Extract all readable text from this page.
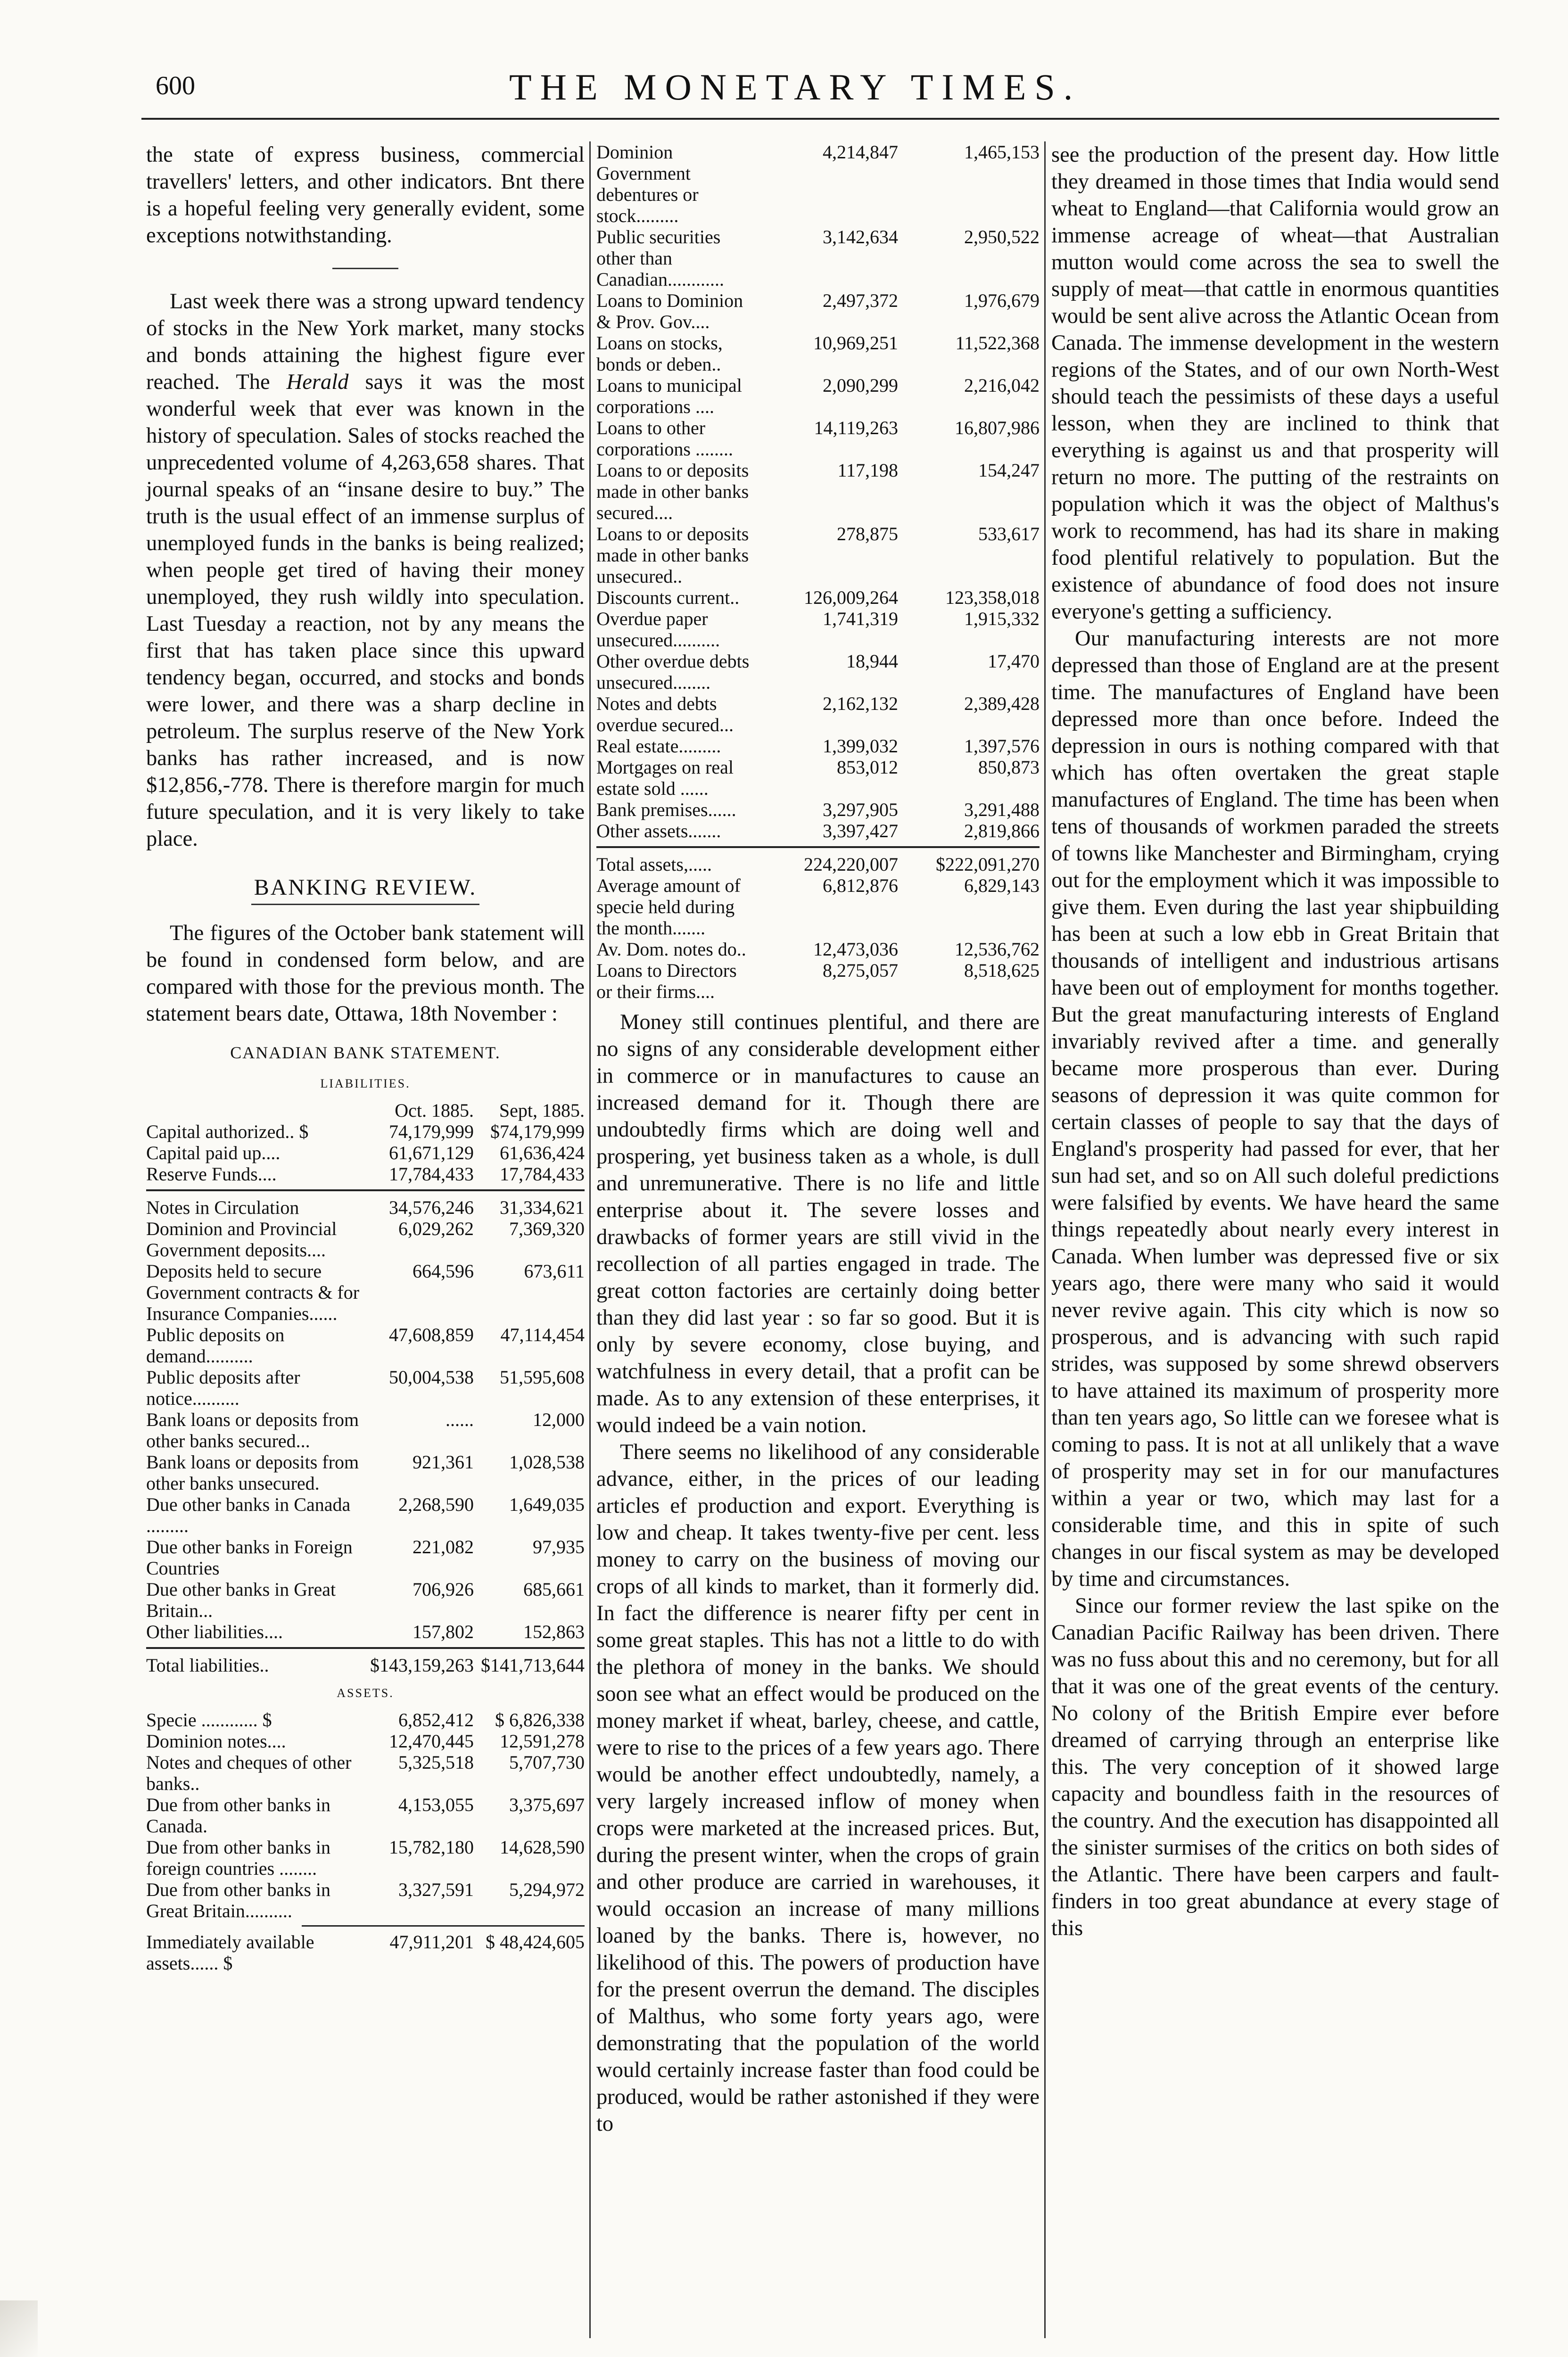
600	THE MONETARY TIMES.

the state of express business, commercial travellers' letters, and other indicators. Bnt there is a hopeful feeling very generally evident, some exceptions notwithstanding.

Last week there was a strong upward tendency of stocks in the New York market, many stocks and bonds attaining the highest figure ever reached. The Herald says it was the most wonderful week that ever was known in the history of speculation. Sales of stocks reached the unprecedented volume of 4,263,658 shares. That journal speaks of an “insane desire to buy.” The truth is the usual effect of an immense surplus of unemployed funds in the banks is being realized; when people get tired of having their money unemployed, they rush wildly into speculation. Last Tuesday a reaction, not by any means the first that has taken place since this upward tendency began, occurred, and stocks and bonds were lower, and there was a sharp decline in petroleum. The surplus reserve of the New York banks has rather increased, and is now $12,856,-778. There is therefore margin for much future speculation, and it is very likely to take place.

BANKING REVIEW.

The figures of the October bank statement will be found in condensed form below, and are compared with those for the previous month. The statement bears date, Ottawa, 18th November :

CANADIAN BANK STATEMENT.
LIABILITIES.
Oct. 1885.	Sept, 1885.
Capital authorized.. $	74,179,999 $74,179,999
Capital paid up....	61,671,129	61,636,424
Reserve Funds....	17,784,433	17,784,433
Notes in Circulation	34,576,246	31,334,621
Dominion and Provincial Government deposits....
6,029,262	7,369,320
Deposits held to secure Government contracts & for Insurance Companies......
664,596	673,611
Public deposits on demand..........
47,608,859	47,114,454
Public deposits after notice..........
50,004,538	51,595,608
Bank loans or deposits from other banks secured...
......	12,000
Bank loans or deposits from other banks unsecured.
921,361	1,028,538
Due other banks in Canada .........
2,268,590	1,649,035
Due other banks in Foreign Countries
221,082	97,935
Due other banks in Great Britain...
706,926	685,661
Other liabilities....	157,802	152,863
Total liabilities..	$143,159,263 $141,713,644
ASSETS.
Specie ............ $	6,852,412	$ 6,826,338
Dominion notes....	12,470,445	12,591,278
Notes and cheques of other banks..
5,325,518	5,707,730
Due from other banks in Canada.
4,153,055	3,375,697
Due from other banks in foreign countries ........
15,782,180	14,628,590
Due from other banks in Great Britain..........
3,327,591	5,294,972
Immediately available assets...... $
47,911,201 $ 48,424,605
Dominion Government debentures or stock.........
4,214,847	1,465,153
Public securities other than Canadian............
3,142,634	2,950,522
Loans to Dominion & Prov. Gov....
2,497,372	1,976,679
Loans on stocks, bonds or deben..
10,969,251	11,522,368
Loans to municipal corporations ....
2,090,299	2,216,042
Loans to other corporations ........
14,119,263	16,807,986
Loans to or deposits made in other banks secured....
117,198	154,247
Loans to or deposits made in other banks unsecured..
278,875	533,617
Discounts current..	126,009,264	123,358,018
Overdue paper unsecured..........
1,741,319	1,915,332
Other overdue debts unsecured........
18,944	17,470
Notes and debts overdue secured...
2,162,132	2,389,428
Real estate.........	1,399,032	1,397,576
Mortgages on real estate sold ......
853,012	850,873
Bank premises......	3,297,905	3,291,488
Other assets.......	3,397,427	2,819,866
Total assets,.....	224,220,007	$222,091,270
Average amount of specie held during the month.......
6,812,876	6,829,143
Av. Dom. notes do..	12,473,036	12,536,762
Loans to Directors or their firms....
8,275,057	8,518,625

Money still continues plentiful, and there are no signs of any considerable development either in commerce or in manufactures to cause an increased demand for it. Though there are undoubtedly firms which are doing well and prospering, yet business taken as a whole, is dull and unremunerative. There is no life and little enterprise about it. The severe losses and drawbacks of former years are still vivid in the recollection of all parties engaged in trade. The great cotton factories are certainly doing better than they did last year : so far so good. But it is only by severe economy, close buying, and watchfulness in every detail, that a profit can be made. As to any extension of these enterprises, it would indeed be a vain notion.

There seems no likelihood of any considerable advance, either, in the prices of our leading articles ef production and export. Everything is low and cheap. It takes twenty-five per cent. less money to carry on the business of moving our crops of all kinds to market, than it formerly did. In fact the difference is nearer fifty per cent in some great staples. This has not a little to do with the plethora of money in the banks. We should soon see what an effect would be produced on the money market if wheat, barley, cheese, and cattle, were to rise to the prices of a few years ago. There would be another effect undoubtedly, namely, a very largely increased inflow of money when crops were marketed at the increased prices. But, during the present winter, when the crops of grain and other produce are carried in warehouses, it would occasion an increase of many millions loaned by the banks. There is, however, no likelihood of this. The powers of production have for the present overrun the demand. The disciples of Malthus, who some forty years ago, were demonstrating that the population of the world would certainly increase faster than food could be produced, would be rather astonished if they were to

see the production of the present day. How little they dreamed in those times that India would send wheat to England—that California would grow an immense acreage of wheat—that Australian mutton would come across the sea to swell the supply of meat—that cattle in enormous quantities would be sent alive across the Atlantic Ocean from Canada. The immense development in the western regions of the States, and of our own North-West should teach the pessimists of these days a useful lesson, when they are inclined to think that everything is against us and that prosperity will return no more. The putting of the restraints on population which it was the object of Malthus's work to recommend, has had its share in making food plentiful relatively to population. But the existence of abundance of food does not insure everyone's getting a sufficiency.

Our manufacturing interests are not more depressed than those of England are at the present time. The manufactures of England have been depressed more than once before. Indeed the depression in ours is nothing compared with that which has often overtaken the great staple manufactures of England. The time has been when tens of thousands of workmen paraded the streets of towns like Manchester and Birmingham, crying out for the employment which it was impossible to give them. Even during the last year shipbuilding has been at such a low ebb in Great Britain that thousands of intelligent and industrious artisans have been out of employment for months together. But the great manufacturing interests of England invariably revived after a time. and generally became more prosperous than ever. During seasons of depression it was quite common for certain classes of people to say that the days of England's prosperity had passed for ever, that her sun had set, and so on All such doleful predictions were falsified by events. We have heard the same things repeatedly about nearly every interest in Canada. When lumber was depressed five or six years ago, there were many who said it would never revive again. This city which is now so prosperous, and is advancing with such rapid strides, was supposed by some shrewd observers to have attained its maximum of prosperity more than ten years ago, So little can we foresee what is coming to pass. It is not at all unlikely that a wave of prosperity may set in for our manufactures within a year or two, which may last for a considerable time, and this in spite of such changes in our fiscal system as may be developed by time and circumstances.

Since our former review the last spike on the Canadian Pacific Railway has been driven. There was no fuss about this and no ceremony, but for all that it was one of the great events of the century. No colony of the British Empire ever before dreamed of carrying through an enterprise like this. The very conception of it showed large capacity and boundless faith in the resources of the country. And the execution has disappointed all the sinister surmises of the critics on both sides of the Atlantic. There have been carpers and fault-finders in too great abundance at every stage of this
